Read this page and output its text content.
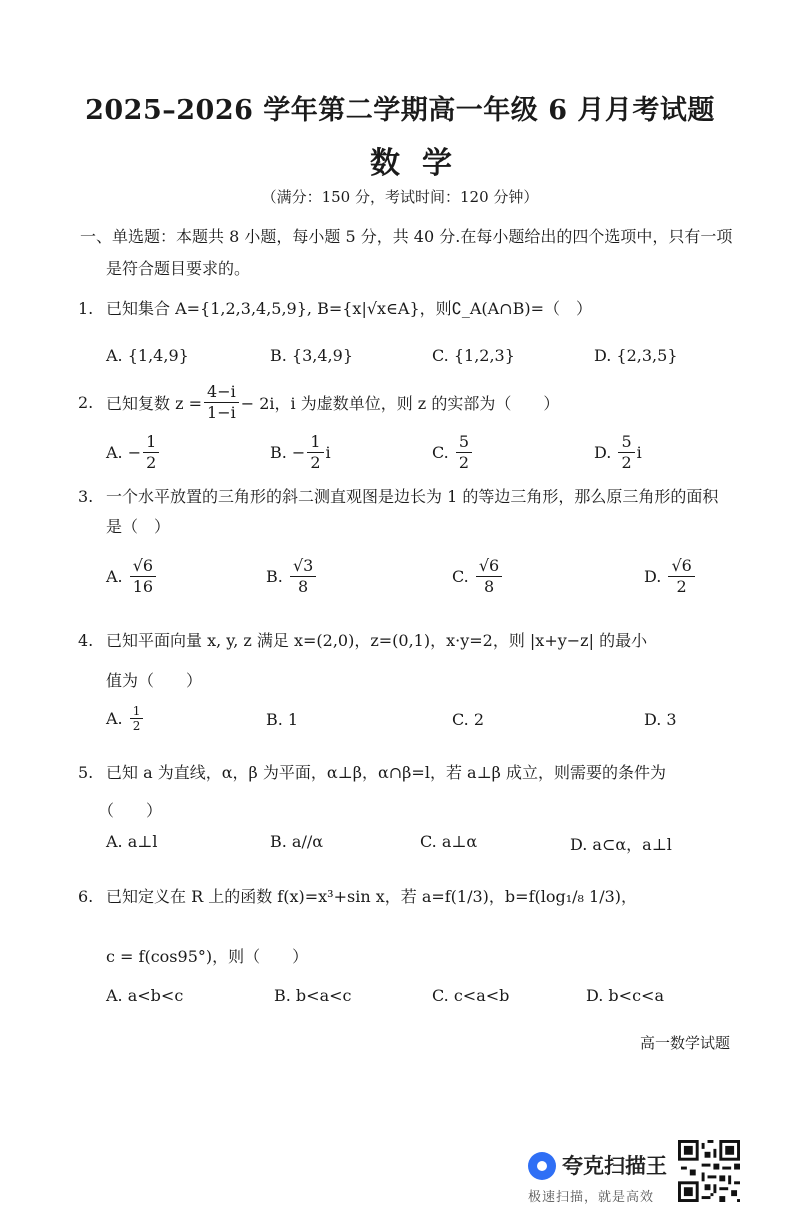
2025–2026 学年第二学期高一年级 6 月月考试题
数学
（满分：150 分，考试时间：120 分钟）
一、单选题：本题共 8 小题，每小题 5 分，共 40 分.在每小题给出的四个选项中，只有一项
是符合题目要求的。
1. 已知集合 A={1,2,3,4,5,9}, B={x|√x∈A}，则∁_A(A∩B)=（　）
A. {1,4,9}	B. {3,4,9}	C. {1,2,3}	D. {2,3,5}
2. 已知复数 $z = \frac{4-i}{1-i} - 2i$，i 为虚数单位，则 z 的实部为（　　）
A. − $\frac{1}{2}$	B. − $\frac{1}{2}$ i	C.
$\frac{5}{2}$	D.
$\frac{5}{2}$ i
3. 一个水平放置的三角形的斜二测直观图是边长为 1 的等边三角形，那么原三角形的面积
是（　）
A.
$\frac{√6}{16}$	B.
$\frac{√3}{8}$	C.
$\frac{√6}{8}$	D.
$\frac{√6}{2}$
4. 已知平面向量 x, y, z 满足 x=(2,0)，z=(0,1)，x·y=2，则 |x+y−z| 的最小
值为（　　）
A.
$\frac{1}{2}$	B. 1	C. 2	D. 3
5. 已知 a 为直线，α，β 为平面，α⊥β，α∩β=l，若 a⊥β 成立，则需要的条件为
（　　）
A. a⊥l	B. a//α	C. a⊥α	D. a⊂α，a⊥l
6. 已知定义在 R 上的函数 f(x)=x³+sin x，若 a=f(1/3)，b=f(log₁/₈ 1/3)，
c = f(cos95°)，则（　　）
A. a<b<c	B. b<a<c	C. c<a<b	D. b<c<a
高一数学试题
夸克扫描王
极速扫描，就是高效
